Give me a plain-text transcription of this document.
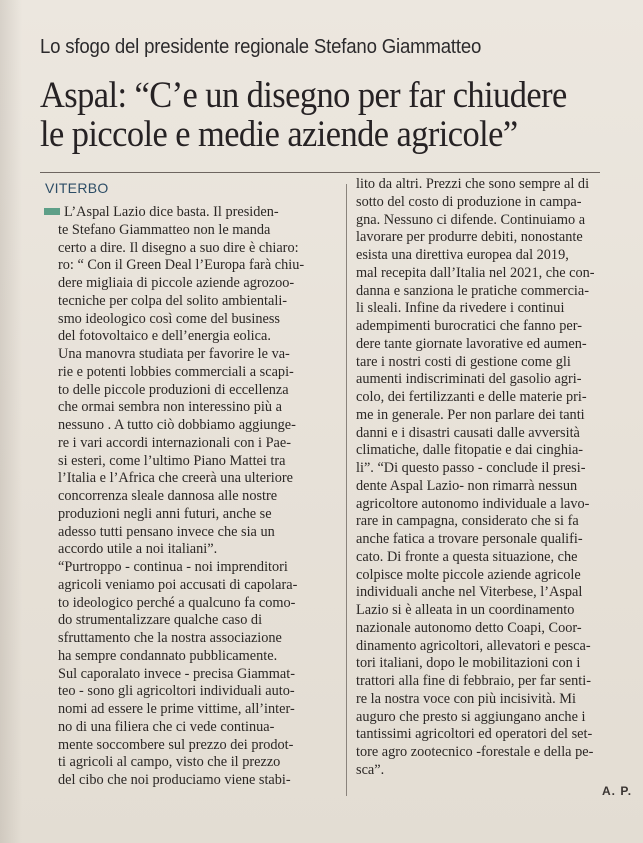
Lo sfogo del presidente regionale Stefano Giammatteo
Aspal: “C’e un disegno per far chiudere
le piccole e medie aziende agricole”
VITERBO
L’Aspal Lazio dice basta. Il presiden-
te Stefano Giammatteo non le manda
certo a dire. Il disegno a suo dire è chiaro:
ro: “ Con il Green Deal l’Europa farà chiu-
dere migliaia di piccole aziende agrozoo-
tecniche per colpa del solito ambientali-
smo ideologico così come del business
del fotovoltaico e dell’energia eolica.
Una manovra studiata per favorire le va-
rie e potenti lobbies commerciali a scapi-
to delle piccole produzioni di eccellenza
che ormai sembra non interessino più a
nessuno . A tutto ciò dobbiamo aggiunge-
re i vari accordi internazionali con i Pae-
si esteri, come l’ultimo Piano Mattei tra
l’Italia e l’Africa che creerà una ulteriore
concorrenza sleale dannosa alle nostre
produzioni negli anni futuri, anche se
adesso tutti pensano invece che sia un
accordo utile a noi italiani”.
“Purtroppo - continua - noi imprenditori
agricoli veniamo poi accusati di capolara-
to ideologico perché a qualcuno fa como-
do strumentalizzare qualche caso di
sfruttamento che la nostra associazione
ha sempre condannato pubblicamente.
Sul caporalato invece - precisa Giammat-
teo - sono gli agricoltori individuali auto-
nomi ad essere le prime vittime, all’inter-
no di una filiera che ci vede continua-
mente soccombere sul prezzo dei prodot-
ti agricoli al campo, visto che il prezzo
del cibo che noi produciamo viene stabi-
lito da altri. Prezzi che sono sempre al di
sotto del costo di produzione in campa-
gna. Nessuno ci difende. Continuiamo a
lavorare per produrre debiti, nonostante
esista una direttiva europea dal 2019,
mal recepita dall’Italia nel 2021, che con-
danna e sanziona le pratiche commercia-
li sleali. Infine da rivedere i continui
adempimenti burocratici che fanno per-
dere tante giornate lavorative ed aumen-
tare i nostri costi di gestione come gli
aumenti indiscriminati del gasolio agri-
colo, dei fertilizzanti e delle materie pri-
me in generale. Per non parlare dei tanti
danni e i disastri causati dalle avversità
climatiche, dalle fitopatie e dai cinghia-
li”. “Di questo passo - conclude il presi-
dente Aspal Lazio- non rimarrà nessun
agricoltore autonomo individuale a lavo-
rare in campagna, considerato che si fa
anche fatica a trovare personale qualifi-
cato. Di fronte a questa situazione, che
colpisce molte piccole aziende agricole
individuali anche nel Viterbese, l’Aspal
Lazio si è alleata in un coordinamento
nazionale autonomo detto Coapi, Coor-
dinamento agricoltori, allevatori e pesca-
tori italiani, dopo le mobilitazioni con i
trattori alla fine di febbraio, per far senti-
re la nostra voce con più incisività. Mi
auguro che presto si aggiungano anche i
tantissimi agricoltori ed operatori del set-
tore agro zootecnico -forestale e della pe-
sca”.
A. P.
